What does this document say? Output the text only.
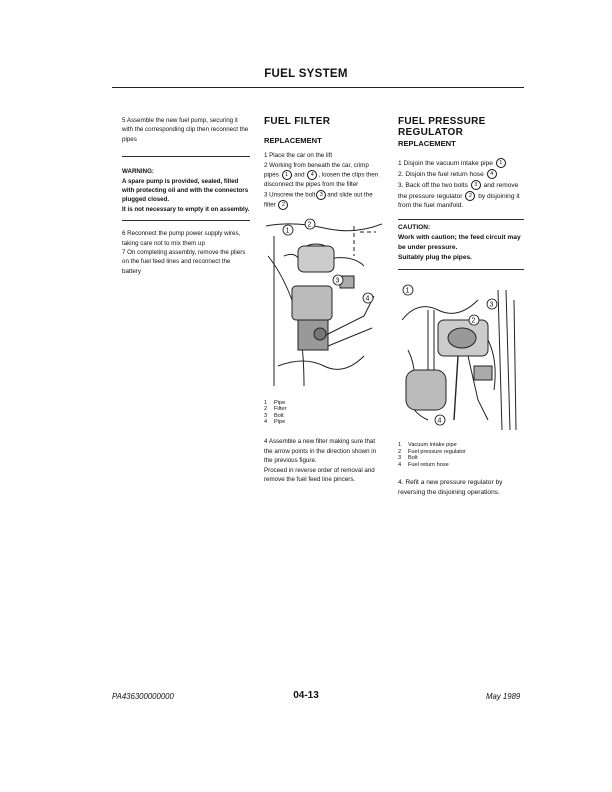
FUEL SYSTEM

5 Assemble the new fuel pump, securing it with the corresponding clip then reconnect the pipes

WARNING:

A spare pump is provided, sealed, filled with protecting oil and with the connectors plugged closed.

It is not necessary to empty it on assembly.

6 Reconnect the pump power supply wires, taking care not to mix them up

7 On completing assembly, remove the pliers on the fuel feed lines and reconnect the battery

FUEL FILTER
REPLACEMENT

1 Place the car on the lift

2 Working from beneath the car, crimp pipes 1 and 4 , loosen the clips then disconnect the pipes from the filter

3 Unscrew the bolt 3 and slide out the filter 2

1
2
3
4
1 Pipe
2 Filter
3 Bolt
4 Pipe

4 Assemble a new filter making sure that the arrow points in the direction shown in the previous figure.

Proceed in reverse order of removal and remove the fuel feed line pincers.

FUEL PRESSURE
REGULATOR
REPLACEMENT

1 Disjoin the vacuum intake pipe 1

2. Disjoin the fuel return hose 4

3. Back off the two bolts 3 and remove the pressure regulator 2 by disjoining it from the fuel manifold.

CAUTION:

Work with caution; the feed circuit may be under pressure.

Suitably plug the pipes.

1
2
3
4
1 Vacuum intake pipe
2 Fuel pressure regulator
3 Bolt
4 Fuel return hose

4. Refit a new pressure regulator by reversing the disjoining operations.

PA436300000000	04-13	May 1989
